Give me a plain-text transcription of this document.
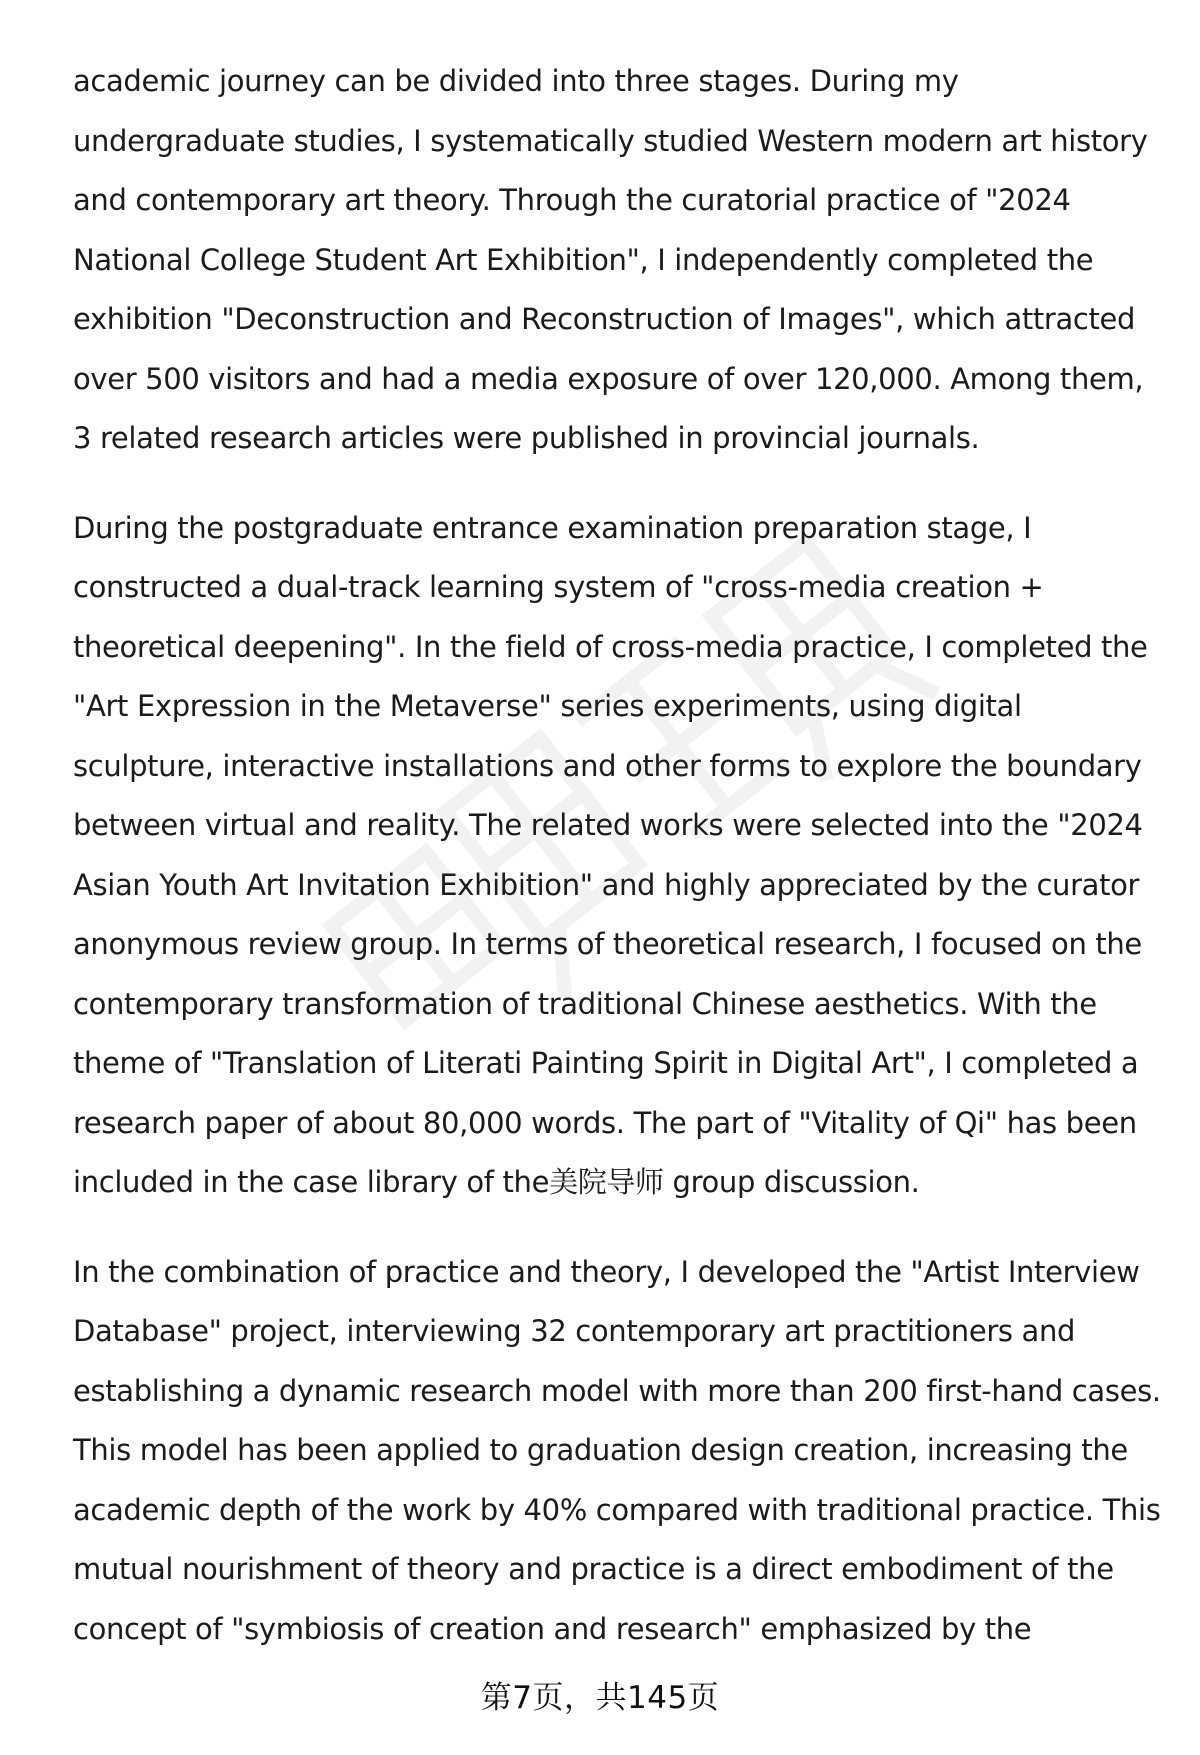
academic journey can be divided into three stages. During my undergraduate studies, I systematically studied Western modern art history and contemporary art theory. Through the curatorial practice of "2024 National College Student Art Exhibition", I independently completed the exhibition "Deconstruction and Reconstruction of Images", which attracted over 500 visitors and had a media exposure of over 120,000. Among them, 3 related research articles were published in provincial journals.

During the postgraduate entrance examination preparation stage, I constructed a dual-track learning system of "cross-media creation + theoretical deepening". In the field of cross-media practice, I completed the "Art Expression in the Metaverse" series experiments, using digital sculpture, interactive installations and other forms to explore the boundary between virtual and reality. The related works were selected into the "2024 Asian Youth Art Invitation Exhibition" and highly appreciated by the curator anonymous review group. In terms of theoretical research, I focused on the contemporary transformation of traditional Chinese aesthetics. With the theme of "Translation of Literati Painting Spirit in Digital Art", I completed a research paper of about 80,000 words. The part of "Vitality of Qi" has been included in the case library of the美院导师 group discussion.

In the combination of practice and theory, I developed the "Artist Interview Database" project, interviewing 32 contemporary art practitioners and establishing a dynamic research model with more than 200 first-hand cases. This model has been applied to graduation design creation, increasing the academic depth of the work by 40% compared with traditional practice. This mutual nourishment of theory and practice is a direct embodiment of the concept of "symbiosis of creation and research" emphasized by the

第7页，共145页
